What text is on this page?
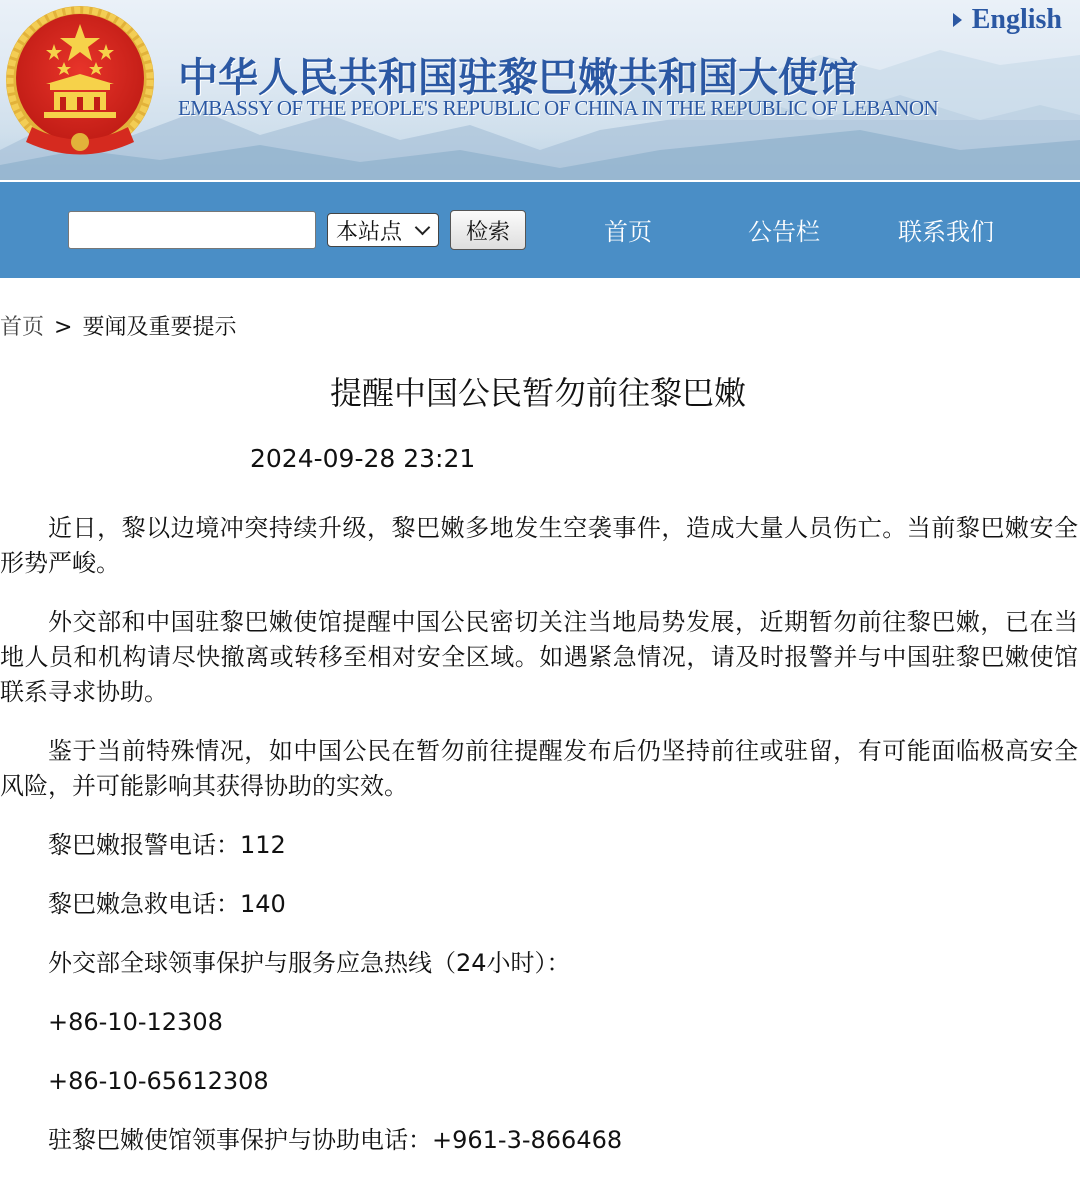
中华人民共和国驻黎巴嫩共和国大使馆
EMBASSY OF THE PEOPLE'S REPUBLIC OF CHINA IN THE REPUBLIC OF LEBANON
English
本站点	检索	首页	公告栏	联系我们
首页 > 要闻及重要提示
提醒中国公民暂勿前往黎巴嫩
2024-09-28 23:21

近日，黎以边境冲突持续升级，黎巴嫩多地发生空袭事件，造成大量人员伤亡。当前黎巴嫩安全形势严峻。

外交部和中国驻黎巴嫩使馆提醒中国公民密切关注当地局势发展，近期暂勿前往黎巴嫩，已在当地人员和机构请尽快撤离或转移至相对安全区域。如遇紧急情况，请及时报警并与中国驻黎巴嫩使馆联系寻求协助。

鉴于当前特殊情况，如中国公民在暂勿前往提醒发布后仍坚持前往或驻留，有可能面临极高安全风险，并可能影响其获得协助的实效。

黎巴嫩报警电话：112

黎巴嫩急救电话：140

外交部全球领事保护与服务应急热线（24小时）：

+86-10-12308

+86-10-65612308

驻黎巴嫩使馆领事保护与协助电话：+961-3-866468
